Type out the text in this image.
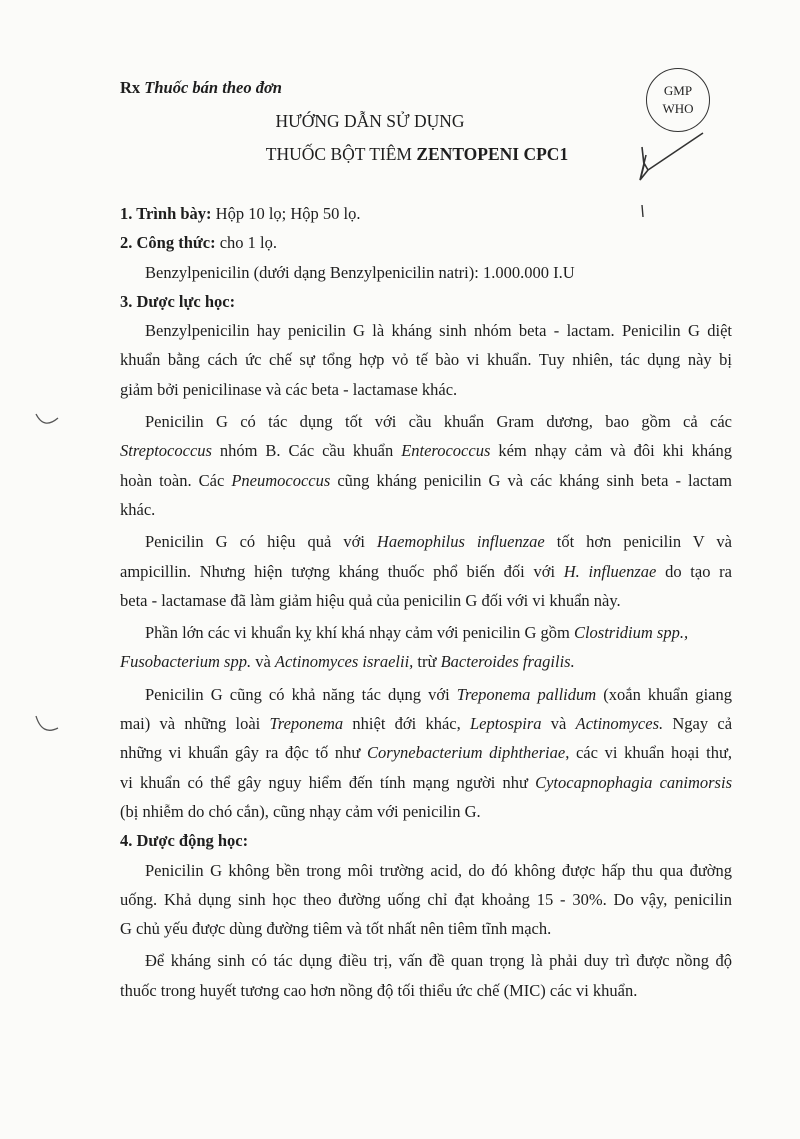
Rx Thuốc bán theo đơn
HƯỚNG DẪN SỬ DỤNG
THUỐC BỘT TIÊM ZENTOPENI CPC1
GMP
WHO
1. Trình bày: Hộp 10 lọ; Hộp 50 lọ.
2. Công thức: cho 1 lọ.
Benzylpenicilin (dưới dạng Benzylpenicilin natri): 1.000.000 I.U
3. Dược lực học:
Benzylpenicilin hay penicilin G là kháng sinh nhóm beta - lactam. Penicilin G diệt
khuẩn bằng cách ức chế sự tổng hợp vỏ tế bào vi khuẩn. Tuy nhiên, tác dụng này bị
giảm bởi penicilinase và các beta - lactamase khác.
Penicilin G có tác dụng tốt với cầu khuẩn Gram dương, bao gồm cả các
Streptococcus nhóm B. Các cầu khuẩn Enterococcus kém nhạy cảm và đôi khi kháng
hoàn toàn. Các Pneumococcus cũng kháng penicilin G và các kháng sinh beta - lactam
khác.
Penicilin G có hiệu quả với Haemophilus influenzae tốt hơn penicilin V và
ampicillin. Nhưng hiện tượng kháng thuốc phổ biến đối với H. influenzae do tạo ra
beta - lactamase đã làm giảm hiệu quả của penicilin G đối với vi khuẩn này.
Phần lớn các vi khuẩn kỵ khí khá nhạy cảm với penicilin G gồm Clostridium spp.,
Fusobacterium spp. và Actinomyces israelii, trừ Bacteroides fragilis.
Penicilin G cũng có khả năng tác dụng với Treponema pallidum (xoắn khuẩn giang
mai) và những loài Treponema nhiệt đới khác, Leptospira và Actinomyces. Ngay cả
những vi khuẩn gây ra độc tố như Corynebacterium diphtheriae, các vi khuẩn hoại thư,
vi khuẩn có thể gây nguy hiểm đến tính mạng người như Cytocapnophagia canimorsis
(bị nhiễm do chó cắn), cũng nhạy cảm với penicilin G.
4. Dược động học:
Penicilin G không bền trong môi trường acid, do đó không được hấp thu qua đường
uống. Khả dụng sinh học theo đường uống chỉ đạt khoảng 15 - 30%. Do vậy, penicilin
G chủ yếu được dùng đường tiêm và tốt nhất nên tiêm tĩnh mạch.
Để kháng sinh có tác dụng điều trị, vấn đề quan trọng là phải duy trì được nồng độ
thuốc trong huyết tương cao hơn nồng độ tối thiểu ức chế (MIC) các vi khuẩn.
